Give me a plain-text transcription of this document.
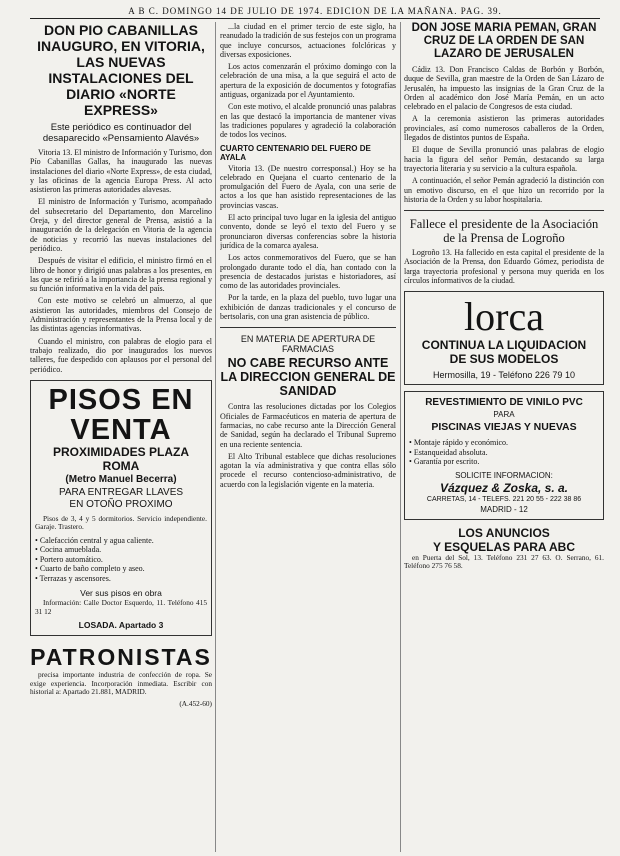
A B C. DOMINGO 14 DE JULIO DE 1974. EDICION DE LA MAÑANA. PAG. 39.
DON PIO CABANILLAS INAUGURO, EN VITORIA, LAS NUEVAS INSTALACIONES DEL DIARIO «NORTE EXPRESS»
Este periódico es continuador del desaparecido «Pensamiento Alavés»

Vitoria 13. El ministro de Información y Turismo, don Pío Cabanillas Gallas, ha inaugurado las nuevas instalaciones del diario «Norte Express», de esta ciudad, y las oficinas de la agencia Europa Press. Al acto asistieron las primeras autoridades alavesas.

El ministro de Información y Turismo, acompañado del subsecretario del Departamento, don Marcelino Oreja, y del director general de Prensa, asistió a la inauguración de la delegación en Vitoria de la agencia de noticias y recorrió las nuevas instalaciones del periódico.

Después de visitar el edificio, el ministro firmó en el libro de honor y dirigió unas palabras a los presentes, en las que se refirió a la importancia de la prensa regional y su función informativa en la vida del país.

Con este motivo se celebró un almuerzo, al que asistieron las autoridades, miembros del Consejo de Administración y representantes de la Prensa local y de las distintas agencias informativas.

Cuando el ministro, con palabras de elogio para el trabajo realizado, dio por inaugurados los nuevos talleres, fue despedido con aplausos por el personal del periódico.

PISOS EN VENTA
PROXIMIDADES PLAZA ROMA
(Metro Manuel Becerra)
PARA ENTREGAR LLAVES
EN OTOÑO PROXIMO

Pisos de 3, 4 y 5 dormitorios. Servicio independiente. Garaje. Trastero.

• Calefacción central y agua caliente.
• Cocina amueblada.
• Portero automático.
• Cuarto de baño completo y aseo.
• Terrazas y ascensores.
Ver sus pisos en obra

Información: Calle Doctor Esquerdo, 11. Teléfono 415 31 12

LOSADA. Apartado 3
PATRONISTAS

precisa importante industria de confección de ropa. Se exige experiencia. Incorporación inmediata. Escribir con historial a: Apartado 21.881, MADRID.

(A.452-60)

...la ciudad en el primer tercio de este siglo, ha reanudado la tradición de sus festejos con un programa que incluye concursos, actuaciones folclóricas y diversas exposiciones.

Los actos comenzarán el próximo domingo con la celebración de una misa, a la que seguirá el acto de apertura de la exposición de documentos y fotografías antiguas, organizada por el Ayuntamiento.

Con este motivo, el alcalde pronunció unas palabras en las que destacó la importancia de mantener vivas las tradiciones populares y agradeció la colaboración de todos los vecinos.

CUARTO CENTENARIO DEL FUERO DE AYALA

Vitoria 13. (De nuestro corresponsal.) Hoy se ha celebrado en Quejana el cuarto centenario de la promulgación del Fuero de Ayala, con una serie de actos a los que han asistido representaciones de las provincias vascas.

El acto principal tuvo lugar en la iglesia del antiguo convento, donde se leyó el texto del Fuero y se pronunciaron diversas conferencias sobre la historia jurídica de la comarca ayalesa.

Los actos conmemorativos del Fuero, que se han prolongado durante todo el día, han contado con la presencia de destacados juristas e historiadores, así como de las autoridades provinciales.

Por la tarde, en la plaza del pueblo, tuvo lugar una exhibición de danzas tradicionales y el concurso de bertsolaris, con una gran asistencia de público.

EN MATERIA DE APERTURA DE FARMACIAS
NO CABE RECURSO ANTE LA DIRECCION GENERAL DE SANIDAD

Contra las resoluciones dictadas por los Colegios Oficiales de Farmacéuticos en materia de apertura de farmacias, no cabe recurso ante la Dirección General de Sanidad, según ha declarado el Tribunal Supremo en una reciente sentencia.

El Alto Tribunal establece que dichas resoluciones agotan la vía administrativa y que contra ellas sólo procede el recurso contencioso-administrativo, de acuerdo con la legislación vigente en la materia.

DON JOSE MARIA PEMAN, GRAN CRUZ DE LA ORDEN DE SAN LAZARO DE JERUSALEN

Cádiz 13. Don Francisco Caldas de Borbón y Borbón, duque de Sevilla, gran maestre de la Orden de San Lázaro de Jerusalén, ha impuesto las insignias de la Gran Cruz de la Orden al académico don José María Pemán, en un acto celebrado en el palacio de Congresos de esta ciudad.

A la ceremonia asistieron las primeras autoridades provinciales, así como numerosos caballeros de la Orden, llegados de distintos puntos de España.

El duque de Sevilla pronunció unas palabras de elogio hacia la figura del señor Pemán, destacando su larga trayectoria literaria y su servicio a la cultura española.

A continuación, el señor Pemán agradeció la distinción con un emotivo discurso, en el que hizo un recorrido por la historia de la Orden y su labor hospitalaria.

Fallece el presidente de la Asociación de la Prensa de Logroño

Logroño 13. Ha fallecido en esta capital el presidente de la Asociación de la Prensa, don Eduardo Gómez, periodista de larga trayectoria profesional y persona muy querida en los círculos informativos de la ciudad.

lorca
CONTINUA LA LIQUIDACION
DE SUS MODELOS
Hermosilla, 19 - Teléfono 226 79 10
REVESTIMIENTO DE VINILO PVC
PARA
PISCINAS VIEJAS Y NUEVAS
• Montaje rápido y económico.
• Estanqueidad absoluta.
• Garantía por escrito.
SOLICITE INFORMACION:
Vázquez & Zoska, s. a.
CARRETAS, 14 - TELEFS. 221 20 55 - 222 38 86
MADRID - 12
LOS ANUNCIOS
Y ESQUELAS PARA ABC

en Puerta del Sol, 13. Teléfono 231 27 63. O. Serrano, 61. Teléfono 275 76 58.
